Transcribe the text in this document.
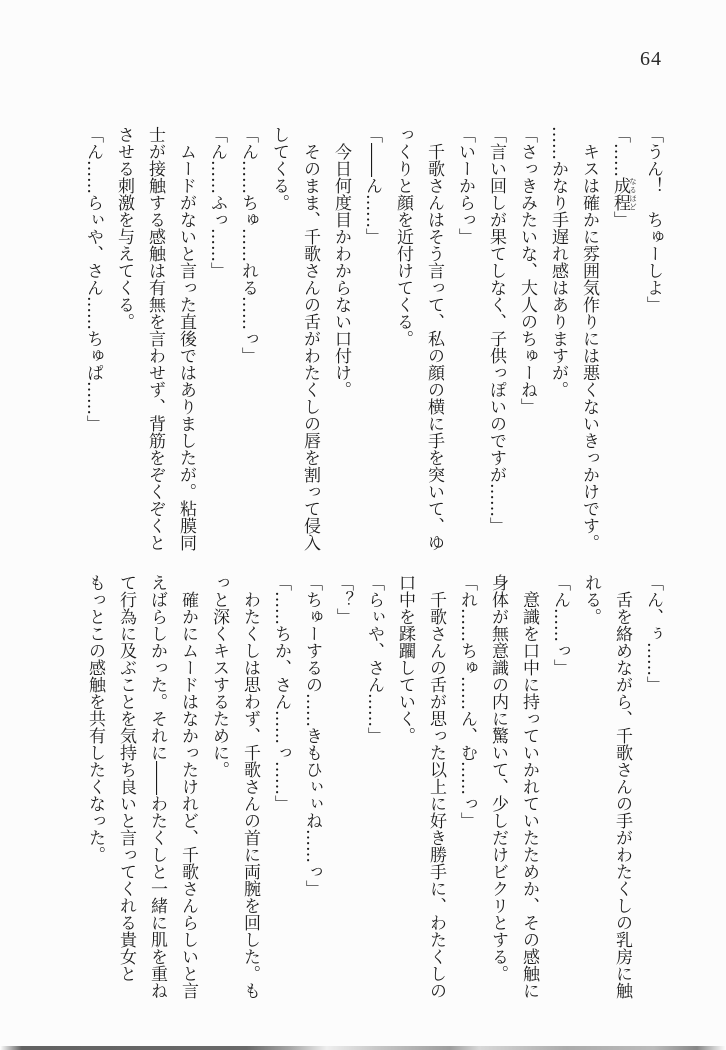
64

「うん！　ちゅーしよ」

「……成程なるほど」

キスは確かに雰囲気作りには悪くないきっかけです。

……かなり手遅れ感はありますが。

「さっきみたいな、大人のちゅーね」

「言い回しが果てしなく、子供っぽいのですが……」

「いーからっ」

千歌さんはそう言って、私の顔の横に手を突いて、ゆ

っくりと顔を近付けてくる。

「――ん……」

今日何度目かわからない口付け。

そのまま、千歌さんの舌がわたくしの唇を割って侵入

してくる。

「ん……ちゅ……れる……っ」

「ん……ふっ……」

ムードがないと言った直後ではありましたが。粘膜同

士が接触する感触は有無を言わせず、背筋をぞくぞくと

させる刺激を与えてくる。

「ん……らぃや、さん……ちゅぱ……」

「ん、ぅ……」

舌を絡めながら、千歌さんの手がわたくしの乳房に触

れる。

「ん……っ」

意識を口中に持っていかれていたためか、その感触に

身体が無意識の内に驚いて、少しだけビクリとする。

「れ……ちゅ……ん、む……っ」

千歌さんの舌が思った以上に好き勝手に、わたくしの

口中を蹂躙していく。

「らぃや、さん……」

「？」

「ちゅーするの……きもひぃぃね……っ」

「……ちか、さん……っ……」

わたくしは思わず、千歌さんの首に両腕を回した。も

っと深くキスするために。

確かにムードはなかったけれど、千歌さんらしいと言

えばらしかった。それに――わたくしと一緒に肌を重ね

て行為に及ぶことを気持ち良いと言ってくれる貴女と

もっとこの感触を共有したくなった。
